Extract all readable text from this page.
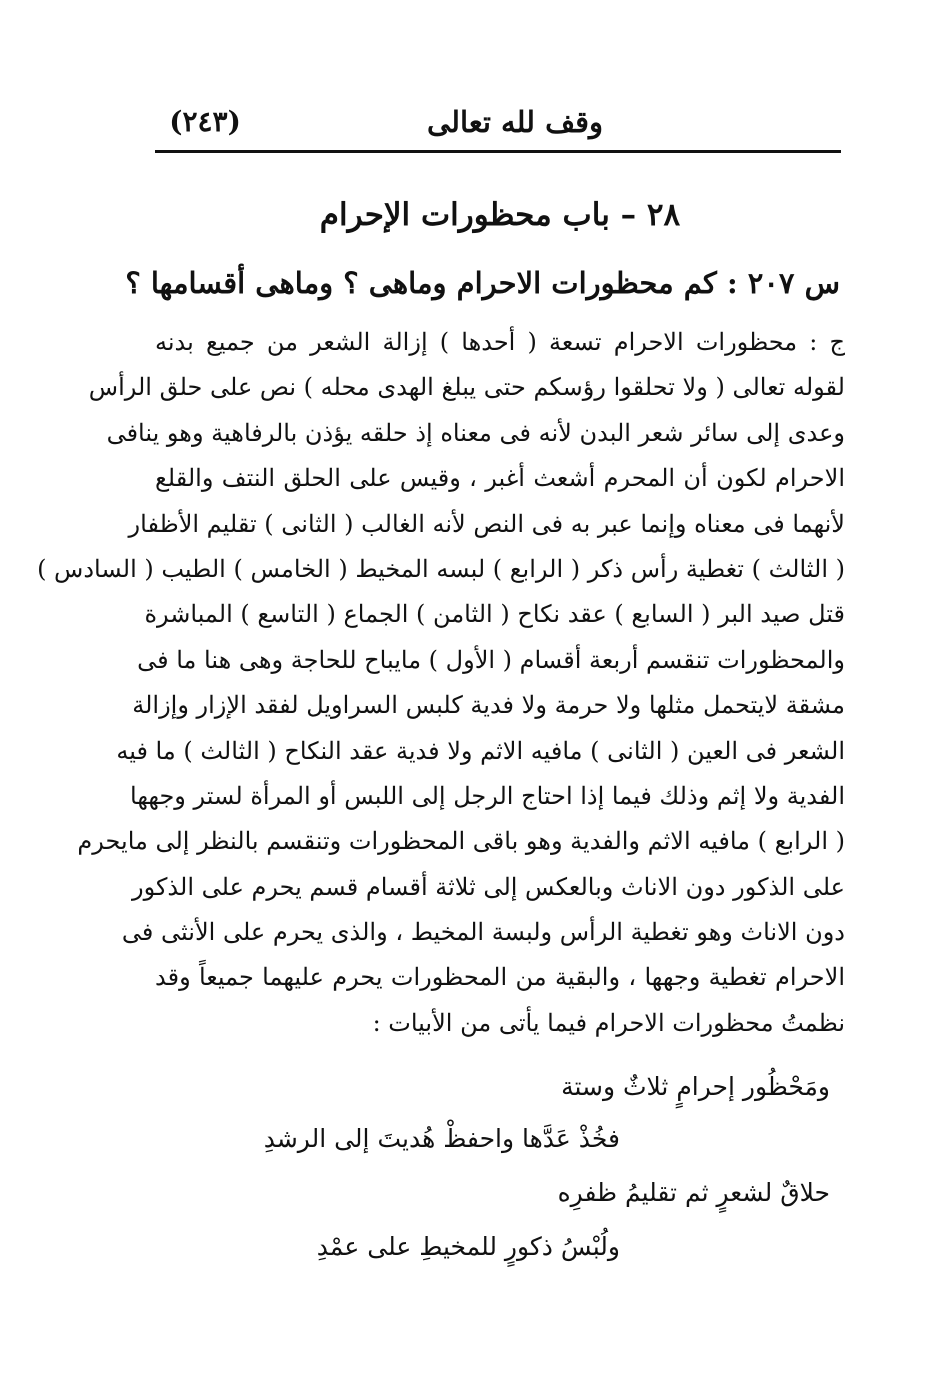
وقف لله تعالى
(٢٤٣)
٢٨ – باب محظورات الإحرام
س ٢٠٧ : كم محظورات الاحرام وماهى ؟ وماهى أقسامها ؟
ج : محظورات الاحرام تسعة ( أحدها ) إزالة الشعر من جميع بدنه
لقوله تعالى ( ولا تحلقوا رؤسكم حتى يبلغ الهدى محله ) نص على حلق الرأس
وعدى إلى سائر شعر البدن لأنه فى معناه إذ حلقه يؤذن بالرفاهية وهو ينافى
الاحرام لكون أن المحرم أشعث أغبر ، وقيس على الحلق النتف والقلع
لأنهما فى معناه وإنما عبر به فى النص لأنه الغالب ( الثانى ) تقليم الأظفار
( الثالث ) تغطية رأس ذكر ( الرابع ) لبسه المخيط ( الخامس ) الطيب ( السادس )
قتل صيد البر ( السابع ) عقد نكاح ( الثامن ) الجماع ( التاسع ) المباشرة
والمحظورات تنقسم أربعة أقسام ( الأول ) مايباح للحاجة وهى هنا ما فى
مشقة لايتحمل مثلها ولا حرمة ولا فدية كلبس السراويل لفقد الإزار وإزالة
الشعر فى العين ( الثانى ) مافيه الاثم ولا فدية عقد النكاح ( الثالث ) ما فيه
الفدية ولا إثم وذلك فيما إذا احتاج الرجل إلى اللبس أو المرأة لستر وجهها
( الرابع ) مافيه الاثم والفدية وهو باقى المحظورات وتنقسم بالنظر إلى مايحرم
على الذكور دون الاناث وبالعكس إلى ثلاثة أقسام قسم يحرم على الذكور
دون الاناث وهو تغطية الرأس ولبسة المخيط ، والذى يحرم على الأنثى فى
الاحرام تغطية وجهها ، والبقية من المحظورات يحرم عليهما جميعاً وقد
نظمتُ محظورات الاحرام فيما يأتى من الأبيات :
ومَحْظُور إحرامٍ ثلاثٌ وستة
فخُذْ عَدَّها واحفظْ هُديتَ إلى الرشدِ
حلاقٌ لشعرٍ ثم تقليمُ ظفرِه
ولُبْسُ ذكورٍ للمخيطِ على عمْدِ
